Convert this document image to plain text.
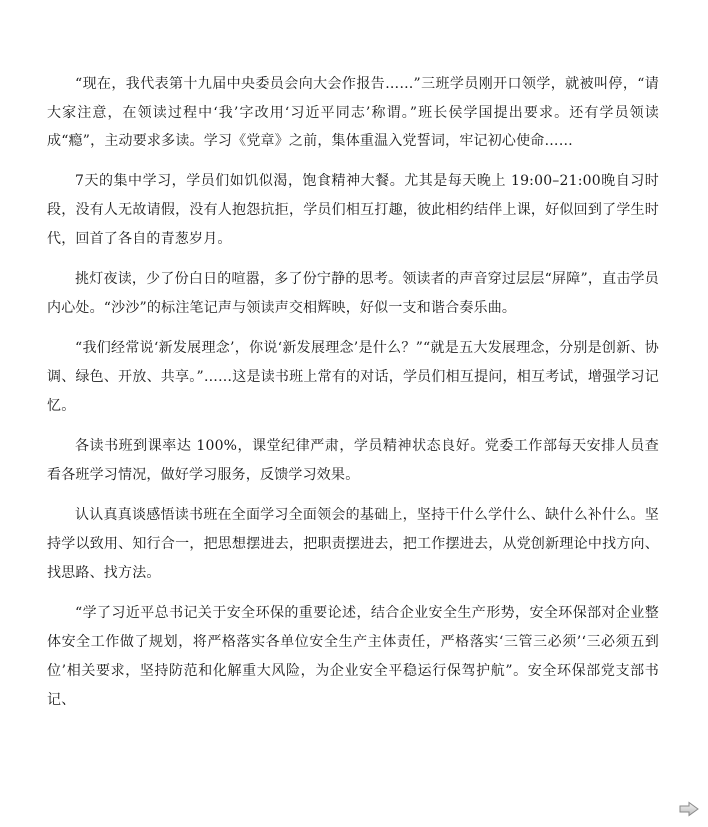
“现在，我代表第十九届中央委员会向大会作报告……”三班学员刚开口领学，就被叫停，“请大家注意，在领读过程中‘我’字改用‘习近平同志’称谓。”班长侯学国提出要求。还有学员领读成“瘾”，主动要求多读。学习《党章》之前，集体重温入党誓词，牢记初心使命……

7天的集中学习，学员们如饥似渴，饱食精神大餐。尤其是每天晚上 19:00–21:00晚自习时段，没有人无故请假，没有人抱怨抗拒，学员们相互打趣，彼此相约结伴上课，好似回到了学生时代，回首了各自的青葱岁月。

挑灯夜读，少了份白日的喧嚣，多了份宁静的思考。领读者的声音穿过层层“屏障”，直击学员内心处。“沙沙”的标注笔记声与领读声交相辉映，好似一支和谐合奏乐曲。

“我们经常说‘新发展理念’，你说‘新发展理念’是什么？”“就是五大发展理念，分别是创新、协调、绿色、开放、共享。”……这是读书班上常有的对话，学员们相互提问，相互考试，增强学习记忆。

各读书班到课率达 100%，课堂纪律严肃，学员精神状态良好。党委工作部每天安排人员查看各班学习情况，做好学习服务，反馈学习效果。

认认真真谈感悟读书班在全面学习全面领会的基础上，坚持干什么学什么、缺什么补什么。坚持学以致用、知行合一，把思想摆进去，把职责摆进去，把工作摆进去，从党创新理论中找方向、找思路、找方法。

“学了习近平总书记关于安全环保的重要论述，结合企业安全生产形势，安全环保部对企业整体安全工作做了规划，将严格落实各单位安全生产主体责任，严格落实‘三管三必须’‘三必须五到位’相关要求，坚持防范和化解重大风险，为企业安全平稳运行保驾护航”。安全环保部党支部书记、
